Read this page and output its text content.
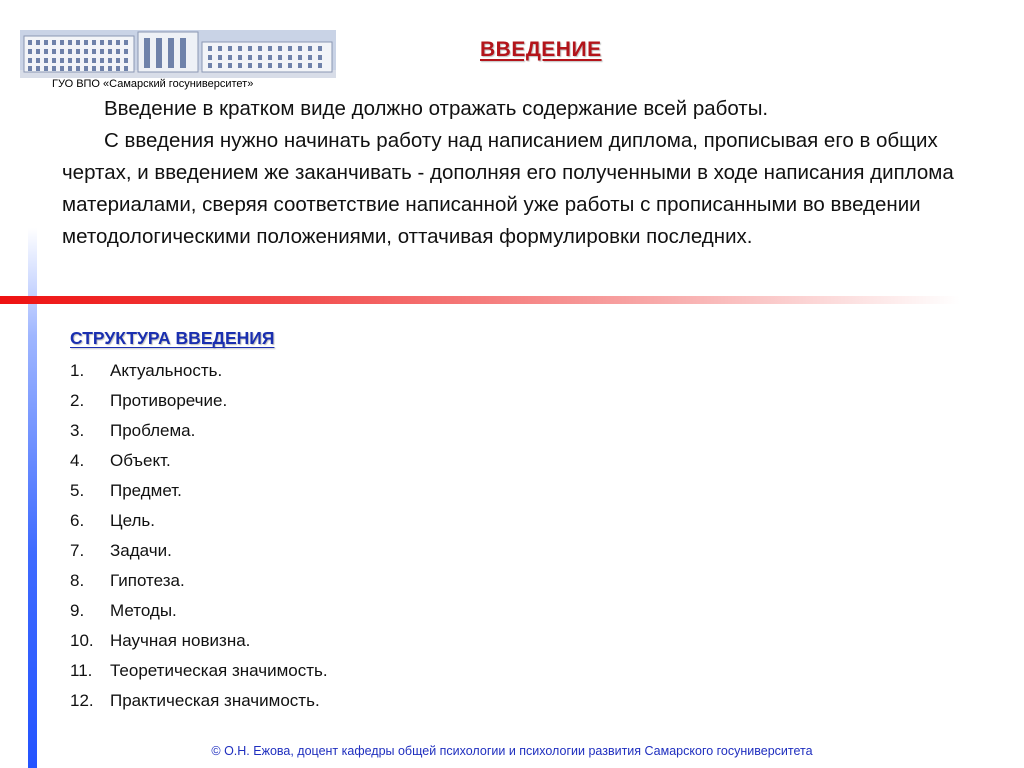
ГУО ВПО «Самарский госуниверситет»
ВВЕДЕНИЕ

Введение в кратком виде должно отражать содержание всей работы.

С введения нужно начинать работу над написанием диплома, прописывая его в общих чертах, и введением же заканчивать - дополняя его полученными в ходе написания диплома материалами, сверяя соответствие написанной уже работы с прописанными во введении методологическими положениями, оттачивая формулировки последних.

СТРУКТУРА ВВЕДЕНИЯ
1.	Актуальность.
2.	Противоречие.
3.	Проблема.
4.	Объект.
5.	Предмет.
6.	Цель.
7.	Задачи.
8.	Гипотеза.
9.	Методы.
10. Научная новизна.
11.	Теоретическая значимость.
12. Практическая значимость.
© О.Н. Ежова, доцент кафедры общей психологии и психологии развития Самарского госуниверситета
